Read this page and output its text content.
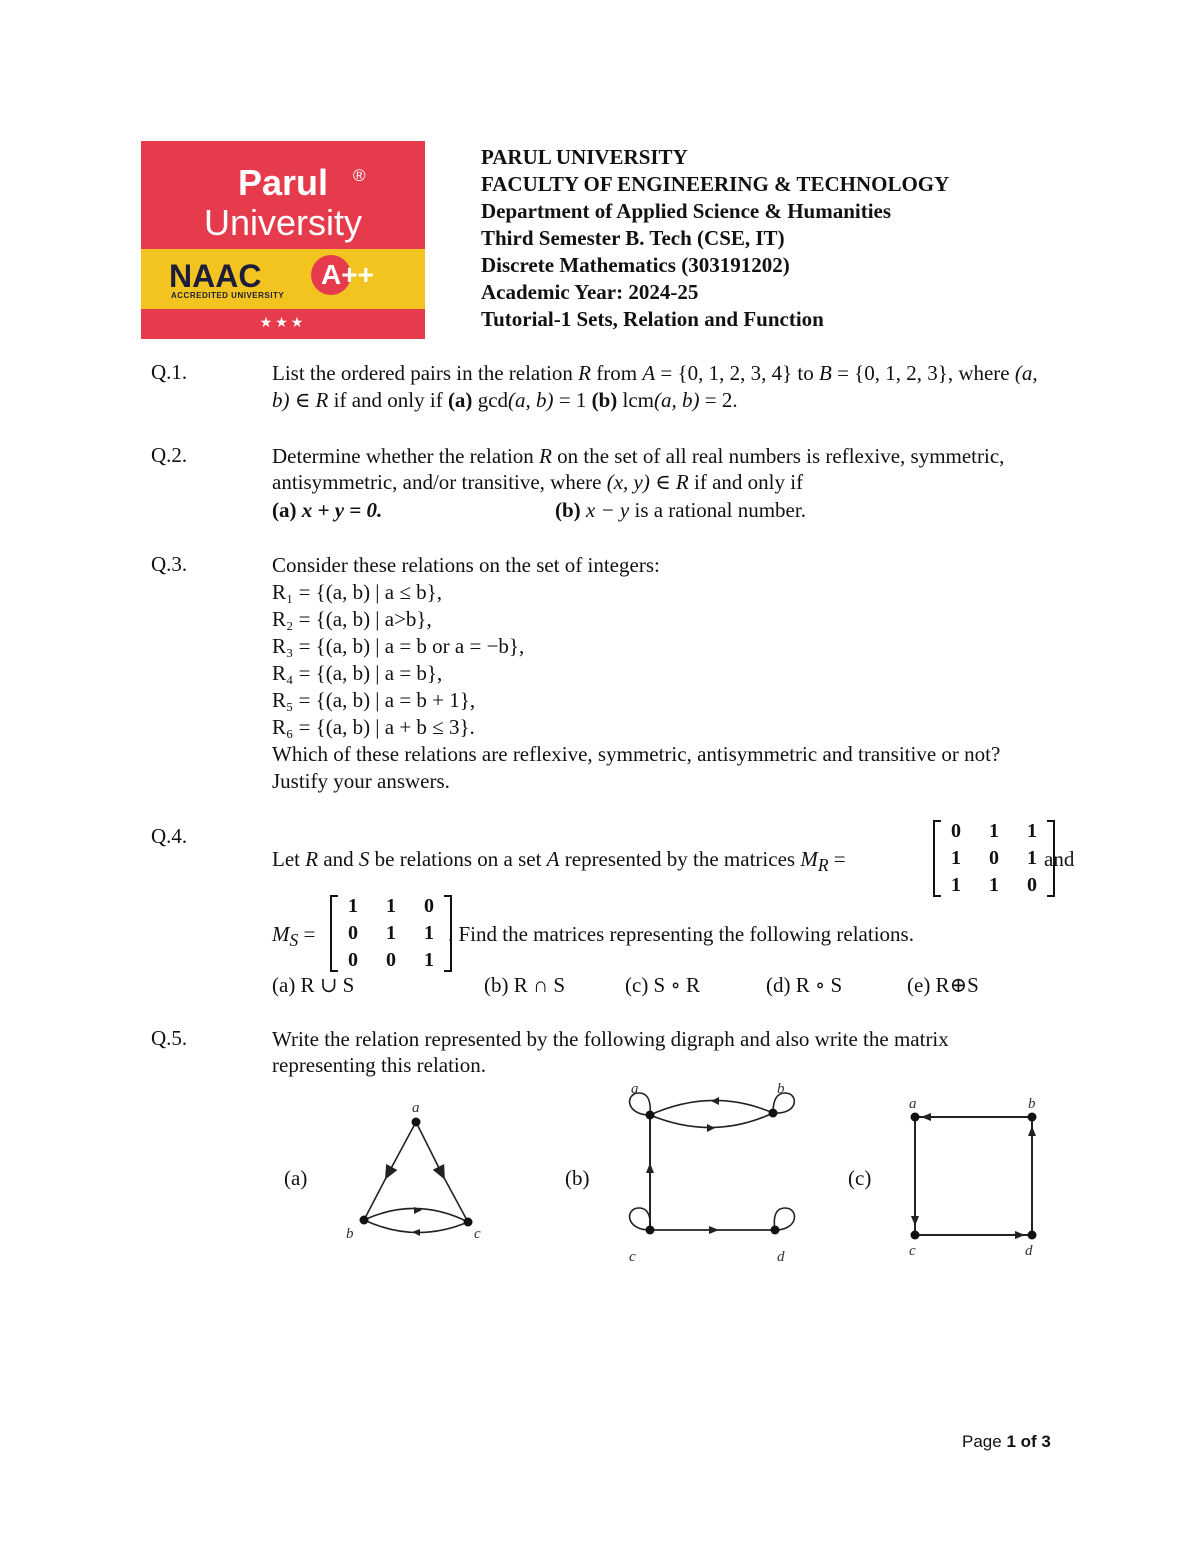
Parul	®
University
NAAC A++
ACCREDITED UNIVERSITY
★★★
PARUL UNIVERSITY
FACULTY OF ENGINEERING & TECHNOLOGY
Department of Applied Science & Humanities
Third Semester B. Tech (CSE, IT)
Discrete Mathematics (303191202)
Academic Year: 2024-25
Tutorial-1 Sets, Relation and Function
Q.1.	List the ordered pairs in the relation R from A = {0, 1, 2, 3, 4} to B = {0, 1, 2, 3}, where (a,
b) ∈ R if and only if (a) gcd(a, b) = 1 (b) lcm(a, b) = 2.
Q.2.	Determine whether the relation R on the set of all real numbers is reflexive, symmetric,
antisymmetric, and/or transitive, where (x, y) ∈ R if and only if
(a) x + y = 0.	(b) x − y is a rational number.
Q.3.	Consider these relations on the set of integers:
R₁ = {(a, b) | a ≤ b},
R₂ = {(a, b) | a>b},
R₃ = {(a, b) | a = b or a = −b},
R₄ = {(a, b) | a = b},
R₅ = {(a, b) | a = b + 1},
R₆ = {(a, b) | a + b ≤ 3}.
Which of these relations are reflexive, symmetric, antisymmetric and transitive or not?
Justify your answers.
Q.4.
Let R and S be relations on a set A represented by the matrices $M_R$ =
0 1 1
1 0 1
1 1 0
and
$M_S$ =
1 1 0
0 1 1
0 0 1
. Find the matrices representing the following relations.
(a) R ∪ S	(b) R ∩ S	(c) S ∘ R	(d) R ∘ S	(e) R⊕S
Q.5.	Write the relation represented by the following digraph and also write the matrix
representing this relation.
(a)	(b)	(c)
a
b	c
a	b
c	d
a	b
c	d
Page 1 of 3
